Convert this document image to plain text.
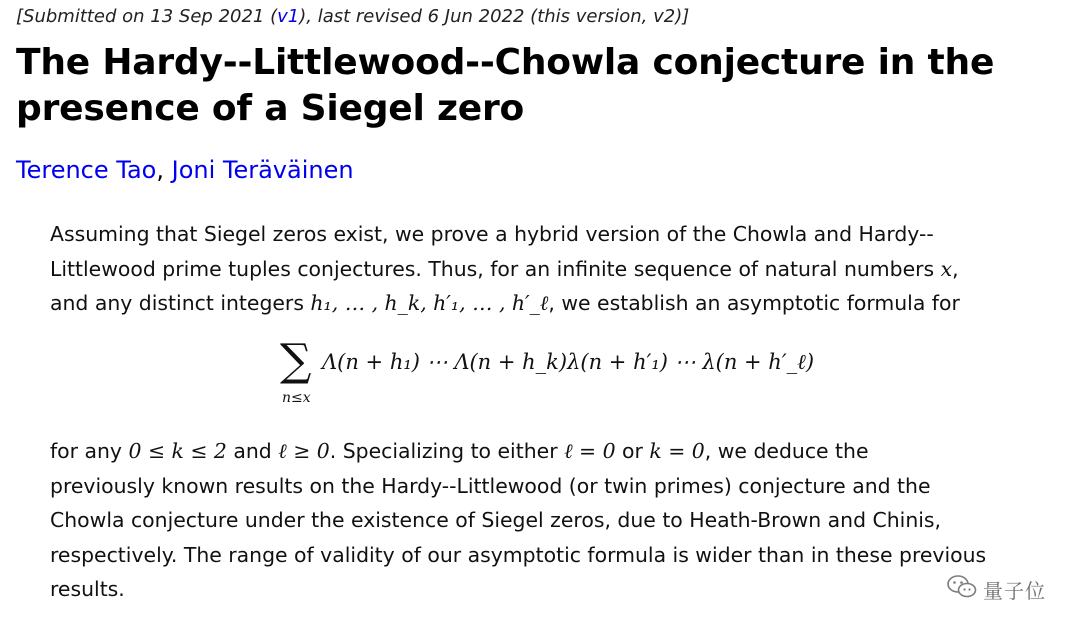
[Submitted on 13 Sep 2021 (v1), last revised 6 Jun 2022 (this version, v2)]
The Hardy--Littlewood--Chowla conjecture in the presence of a Siegel zero
Terence Tao, Joni Teräväinen
Assuming that Siegel zeros exist, we prove a hybrid version of the Chowla and Hardy--
Littlewood prime tuples conjectures. Thus, for an infinite sequence of natural numbers x,
and any distinct integers h₁, … , h_k, h′₁, … , h′_ℓ, we establish an asymptotic formula for
∑
n≤x
Λ(n + h₁) ⋯ Λ(n + h_k)λ(n + h′₁) ⋯ λ(n + h′_ℓ)
for any 0 ≤ k ≤ 2 and ℓ ≥ 0. Specializing to either ℓ = 0 or k = 0, we deduce the
previously known results on the Hardy--Littlewood (or twin primes) conjecture and the
Chowla conjecture under the existence of Siegel zeros, due to Heath-Brown and Chinis,
respectively. The range of validity of our asymptotic formula is wider than in these previous
results.	量子位
